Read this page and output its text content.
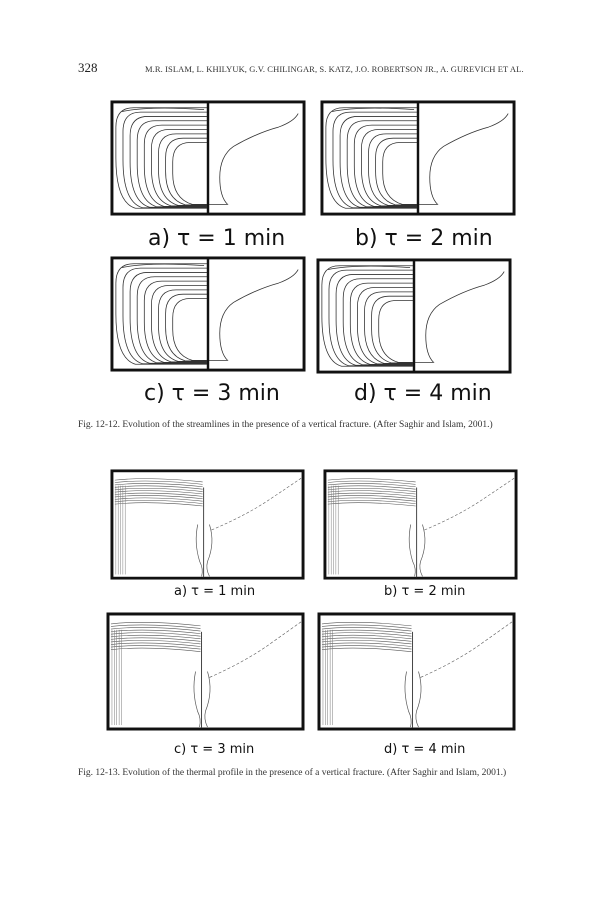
328	M.R. ISLAM, L. KHILYUK, G.V. CHILINGAR, S. KATZ, J.O. ROBERTSON JR., A. GUREVICH ET AL.
a) τ = 1 min	b) τ = 2 min
c) τ = 3 min	d) τ = 4 min
Fig. 12-12. Evolution of the streamlines in the presence of a vertical fracture. (After Saghir and Islam, 2001.)
a) τ = 1 min	b) τ = 2 min
c) τ = 3 min	d) τ = 4 min
Fig. 12-13. Evolution of the thermal profile in the presence of a vertical fracture. (After Saghir and Islam, 2001.)
